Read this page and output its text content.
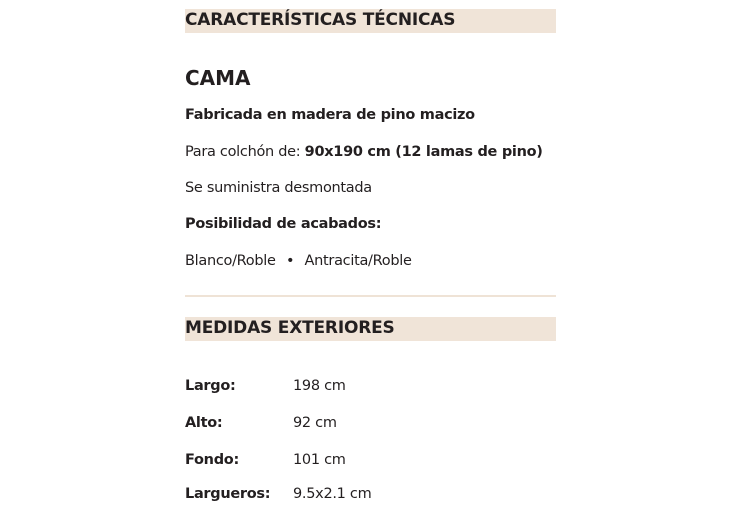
CARACTERÍSTICAS TÉCNICAS
CAMA
Fabricada en madera de pino macizo
Para colchón de: 90x190 cm (12 lamas de pino)
Se suministra desmontada
Posibilidad de acabados:
Blanco/Roble • Antracita/Roble
MEDIDAS EXTERIORES
Largo:	198 cm
Alto:	92 cm
Fondo:	101 cm
Largueros: 9.5x2.1 cm
